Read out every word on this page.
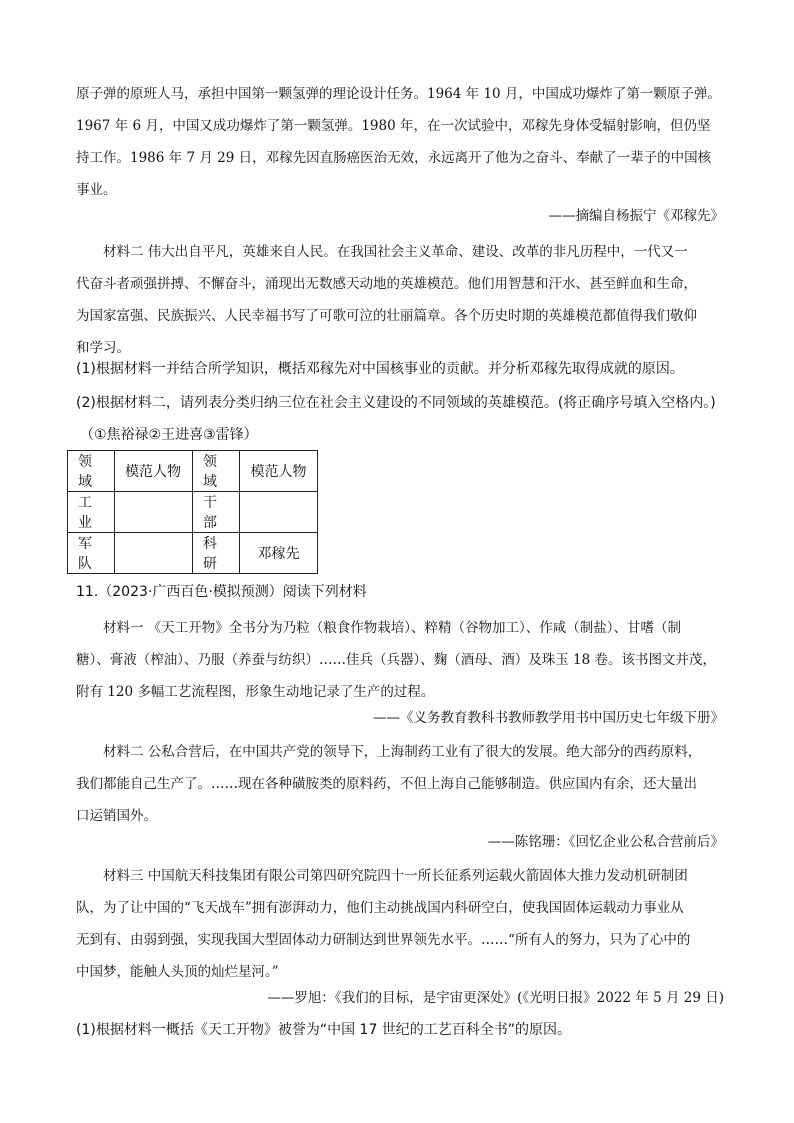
原子弹的原班人马，承担中国第一颗氢弹的理论设计任务。1964 年 10 月，中国成功爆炸了第一颗原子弹。

1967 年 6 月，中国又成功爆炸了第一颗氢弹。1980 年，在一次试验中，邓稼先身体受辐射影响，但仍坚

持工作。1986 年 7 月 29 日，邓稼先因直肠癌医治无效，永远离开了他为之奋斗、奉献了一辈子的中国核

事业。

——摘编自杨振宁《邓稼先》

材料二 伟大出自平凡，英雄来自人民。在我国社会主义革命、建设、改革的非凡历程中，一代又一

代奋斗者顽强拼搏、不懈奋斗，涌现出无数感天动地的英雄模范。他们用智慧和汗水、甚至鲜血和生命，

为国家富强、民族振兴、人民幸福书写了可歌可泣的壮丽篇章。各个历史时期的英雄模范都值得我们敬仰

和学习。

(1)根据材料一并结合所学知识，概括邓稼先对中国核事业的贡献。并分析邓稼先取得成就的原因。

(2)根据材料二，请列表分类归纳三位在社会主义建设的不同领域的英雄模范。(将正确序号填入空格内。)

（①焦裕禄②王进喜③雷锋）

领域	模范人物	领域	模范人物
工业		干部	
军队		科研	邓稼先

11.（2023·广西百色·模拟预测）阅读下列材料

材料一 《天工开物》全书分为乃粒（粮食作物栽培）、粹精（谷物加工）、作咸（制盐）、甘嗜（制

糖）、膏液（榨油）、乃服（养蚕与纺织）……佳兵（兵器）、麴（酒母、酒）及珠玉 18 卷。该书图文并茂，

附有 120 多幅工艺流程图，形象生动地记录了生产的过程。

——《义务教育教科书教师教学用书中国历史七年级下册》

材料二 公私合营后，在中国共产党的领导下，上海制药工业有了很大的发展。绝大部分的西药原料，

我们都能自己生产了。……现在各种磺胺类的原料药，不但上海自己能够制造。供应国内有余，还大量出

口运销国外。

——陈铭珊：《回忆企业公私合营前后》

材料三 中国航天科技集团有限公司第四研究院四十一所长征系列运载火箭固体大推力发动机研制团

队，为了让中国的“飞天战车”拥有澎湃动力，他们主动挑战国内科研空白，使我国固体运载动力事业从

无到有、由弱到强，实现我国大型固体动力研制达到世界领先水平。……“所有人的努力，只为了心中的

中国梦，能触人头顶的灿烂星河。”

——罗旭：《我们的目标，是宇宙更深处》(《光明日报》2022 年 5 月 29 日)

(1)根据材料一概括《天工开物》被誉为“中国 17 世纪的工艺百科全书”的原因。
